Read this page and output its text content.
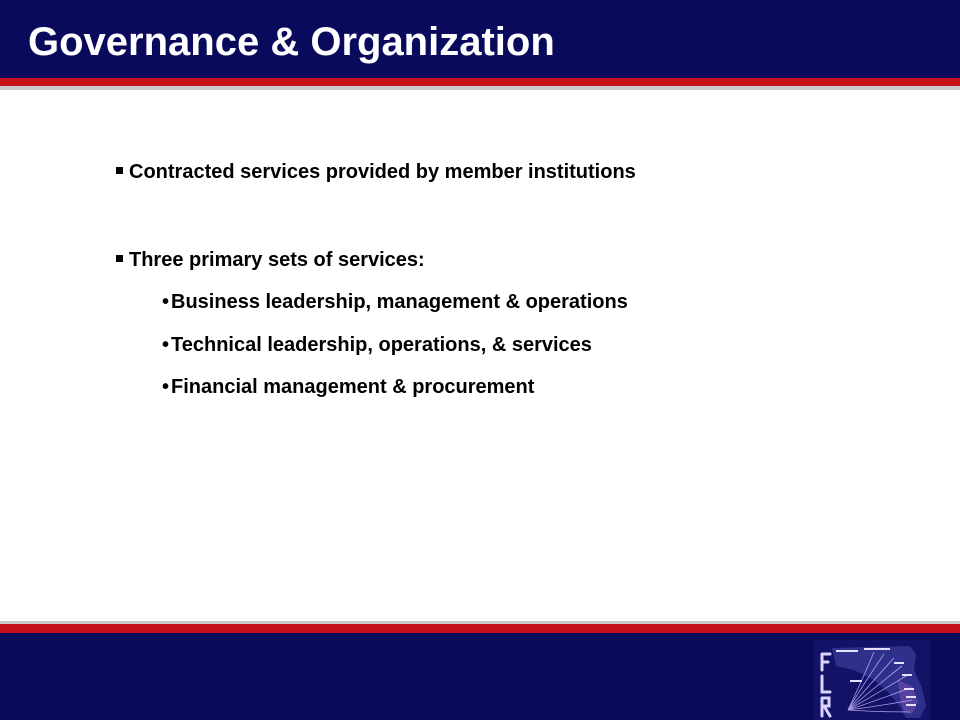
Governance & Organization
Contracted services provided by member institutions
Three primary sets of services:
• Business leadership, management & operations
• Technical leadership, operations, & services
• Financial management & procurement
